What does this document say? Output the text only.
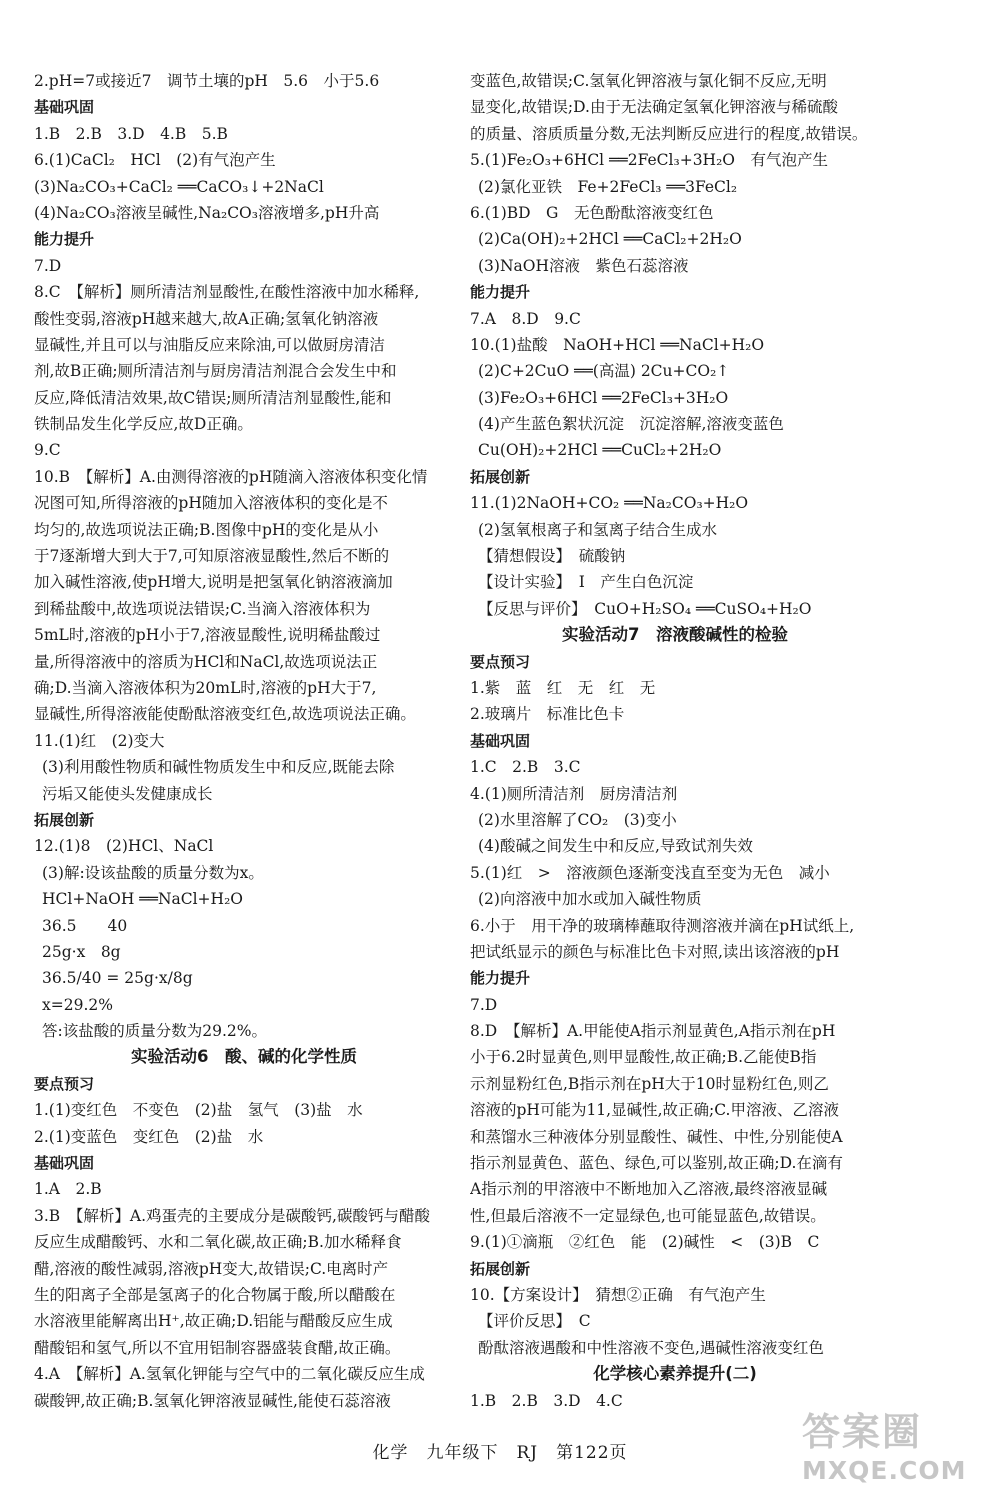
2.pH=7或接近7　调节土壤的pH　5.6　小于5.6
基础巩固
1.B　2.B　3.D　4.B　5.B
6.(1)CaCl₂　HCl　(2)有气泡产生
(3)Na₂CO₃+CaCl₂ ══CaCO₃↓+2NaCl
(4)Na₂CO₃溶液呈碱性,Na₂CO₃溶液增多,pH升高
能力提升
7.D
8.C　【解析】厕所清洁剂显酸性,在酸性溶液中加水稀释,
酸性变弱,溶液pH越来越大,故A正确;氢氧化钠溶液
显碱性,并且可以与油脂反应来除油,可以做厨房清洁
剂,故B正确;厕所清洁剂与厨房清洁剂混合会发生中和
反应,降低清洁效果,故C错误;厕所清洁剂显酸性,能和
铁制品发生化学反应,故D正确。
9.C
10.B　【解析】A.由测得溶液的pH随滴入溶液体积变化情
况图可知,所得溶液的pH随加入溶液体积的变化是不
均匀的,故选项说法正确;B.图像中pH的变化是从小
于7逐渐增大到大于7,可知原溶液显酸性,然后不断的
加入碱性溶液,使pH增大,说明是把氢氧化钠溶液滴加
到稀盐酸中,故选项说法错误;C.当滴入溶液体积为
5mL时,溶液的pH小于7,溶液显酸性,说明稀盐酸过
量,所得溶液中的溶质为HCl和NaCl,故选项说法正
确;D.当滴入溶液体积为20mL时,溶液的pH大于7,
显碱性,所得溶液能使酚酞溶液变红色,故选项说法正确。
11.(1)红　(2)变大
(3)利用酸性物质和碱性物质发生中和反应,既能去除
污垢又能使头发健康成长
拓展创新
12.(1)8　(2)HCl、NaCl
(3)解:设该盐酸的质量分数为x。
HCl+NaOH ══NaCl+H₂O
36.5　　40
25g·x　8g
36.5/40 = 25g·x/8g
x=29.2%
答:该盐酸的质量分数为29.2%。
实验活动6　酸、碱的化学性质
要点预习
1.(1)变红色　不变色　(2)盐　氢气　(3)盐　水
2.(1)变蓝色　变红色　(2)盐　水
基础巩固
1.A　2.B
3.B　【解析】A.鸡蛋壳的主要成分是碳酸钙,碳酸钙与醋酸
反应生成醋酸钙、水和二氧化碳,故正确;B.加水稀释食
醋,溶液的酸性减弱,溶液pH变大,故错误;C.电离时产
生的阳离子全部是氢离子的化合物属于酸,所以醋酸在
水溶液里能解离出H⁺,故正确;D.铝能与醋酸反应生成
醋酸铝和氢气,所以不宜用铝制容器盛装食醋,故正确。
4.A　【解析】A.氢氧化钾能与空气中的二氧化碳反应生成
碳酸钾,故正确;B.氢氧化钾溶液显碱性,能使石蕊溶液
变蓝色,故错误;C.氢氧化钾溶液与氯化铜不反应,无明
显变化,故错误;D.由于无法确定氢氧化钾溶液与稀硫酸
的质量、溶质质量分数,无法判断反应进行的程度,故错误。
5.(1)Fe₂O₃+6HCl ══2FeCl₃+3H₂O　有气泡产生
(2)氯化亚铁　Fe+2FeCl₃ ══3FeCl₂
6.(1)BD　G　无色酚酞溶液变红色
(2)Ca(OH)₂+2HCl ══CaCl₂+2H₂O
(3)NaOH溶液　紫色石蕊溶液
能力提升
7.A　8.D　9.C
10.(1)盐酸　NaOH+HCl ══NaCl+H₂O
(2)C+2CuO ══(高温) 2Cu+CO₂↑
(3)Fe₂O₃+6HCl ══2FeCl₃+3H₂O
(4)产生蓝色絮状沉淀　沉淀溶解,溶液变蓝色
Cu(OH)₂+2HCl ══CuCl₂+2H₂O
拓展创新
11.(1)2NaOH+CO₂ ══Na₂CO₃+H₂O
(2)氢氧根离子和氢离子结合生成水
【猜想假设】　硫酸钠
【设计实验】　Ⅰ　产生白色沉淀
【反思与评价】　CuO+H₂SO₄ ══CuSO₄+H₂O
实验活动7　溶液酸碱性的检验
要点预习
1.紫　蓝　红　无　红　无
2.玻璃片　标准比色卡
基础巩固
1.C　2.B　3.C
4.(1)厕所清洁剂　厨房清洁剂
(2)水里溶解了CO₂　(3)变小
(4)酸碱之间发生中和反应,导致试剂失效
5.(1)红　>　溶液颜色逐渐变浅直至变为无色　减小
(2)向溶液中加水或加入碱性物质
6.小于　用干净的玻璃棒蘸取待测溶液并滴在pH试纸上,
把试纸显示的颜色与标准比色卡对照,读出该溶液的pH
能力提升
7.D
8.D　【解析】A.甲能使A指示剂显黄色,A指示剂在pH
小于6.2时显黄色,则甲显酸性,故正确;B.乙能使B指
示剂显粉红色,B指示剂在pH大于10时显粉红色,则乙
溶液的pH可能为11,显碱性,故正确;C.甲溶液、乙溶液
和蒸馏水三种液体分别显酸性、碱性、中性,分别能使A
指示剂显黄色、蓝色、绿色,可以鉴别,故正确;D.在滴有
A指示剂的甲溶液中不断地加入乙溶液,最终溶液显碱
性,但最后溶液不一定显绿色,也可能显蓝色,故错误。
9.(1)①滴瓶　②红色　能　(2)碱性　<　(3)B　C
拓展创新
10.【方案设计】　猜想②正确　有气泡产生
【评价反思】　C
酚酞溶液遇酸和中性溶液不变色,遇碱性溶液变红色
化学核心素养提升(二)
1.B　2.B　3.D　4.C
化学　九年级下　RJ　第122页	答案圈
MXQE.COM
